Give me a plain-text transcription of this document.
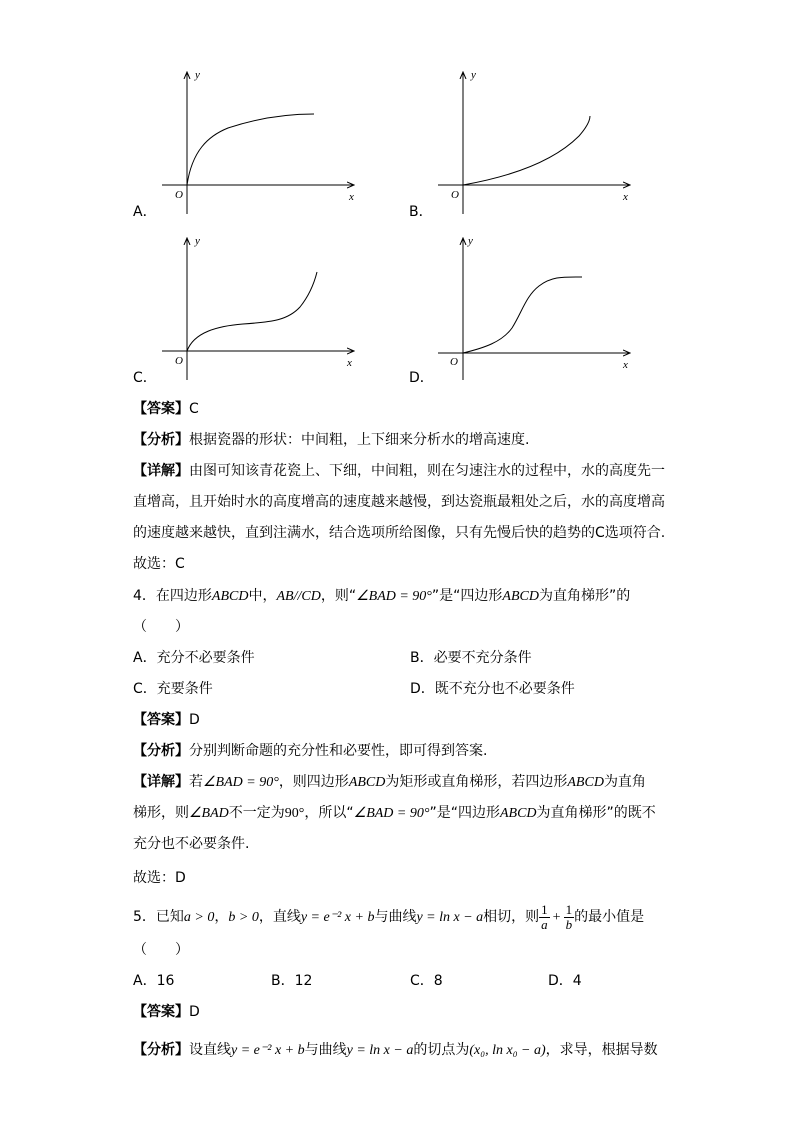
y
x
O
A．
y
x
O
B．
y
x
O
C．
y
x
O
D．
【答案】C
【分析】根据瓷器的形状：中间粗，上下细来分析水的增高速度.
【详解】由图可知该青花瓷上、下细，中间粗，则在匀速注水的过程中，水的高度先一
直增高，且开始时水的高度增高的速度越来越慢，到达瓷瓶最粗处之后，水的高度增高
的速度越来越快，直到注满水，结合选项所给图像，只有先慢后快的趋势的C选项符合.
故选：C
4．在四边形ABCD中，AB//CD，则“∠BAD = 90°”是“四边形ABCD为直角梯形”的
（　　）
A．充分不必要条件	B．必要不充分条件
C．充要条件	D．既不充分也不必要条件
【答案】D
【分析】分别判断命题的充分性和必要性，即可得到答案.
【详解】若∠BAD = 90°，则四边形ABCD为矩形或直角梯形，若四边形ABCD为直角
梯形，则∠BAD不一定为90°，所以“∠BAD = 90°”是“四边形ABCD为直角梯形”的既不
充分也不必要条件.
故选：D
5．已知a > 0，b > 0，直线y = e⁻² x + b与曲线y = ln x − a相切，则 $\frac{1}{a} + \frac{1}{b}$ 的最小值是
（　　）
A．16	B．12	C．8	D．4
【答案】D
【分析】设直线y = e⁻² x + b与曲线y = ln x − a的切点为(x₀, ln x₀ − a)，求导，根据导数
